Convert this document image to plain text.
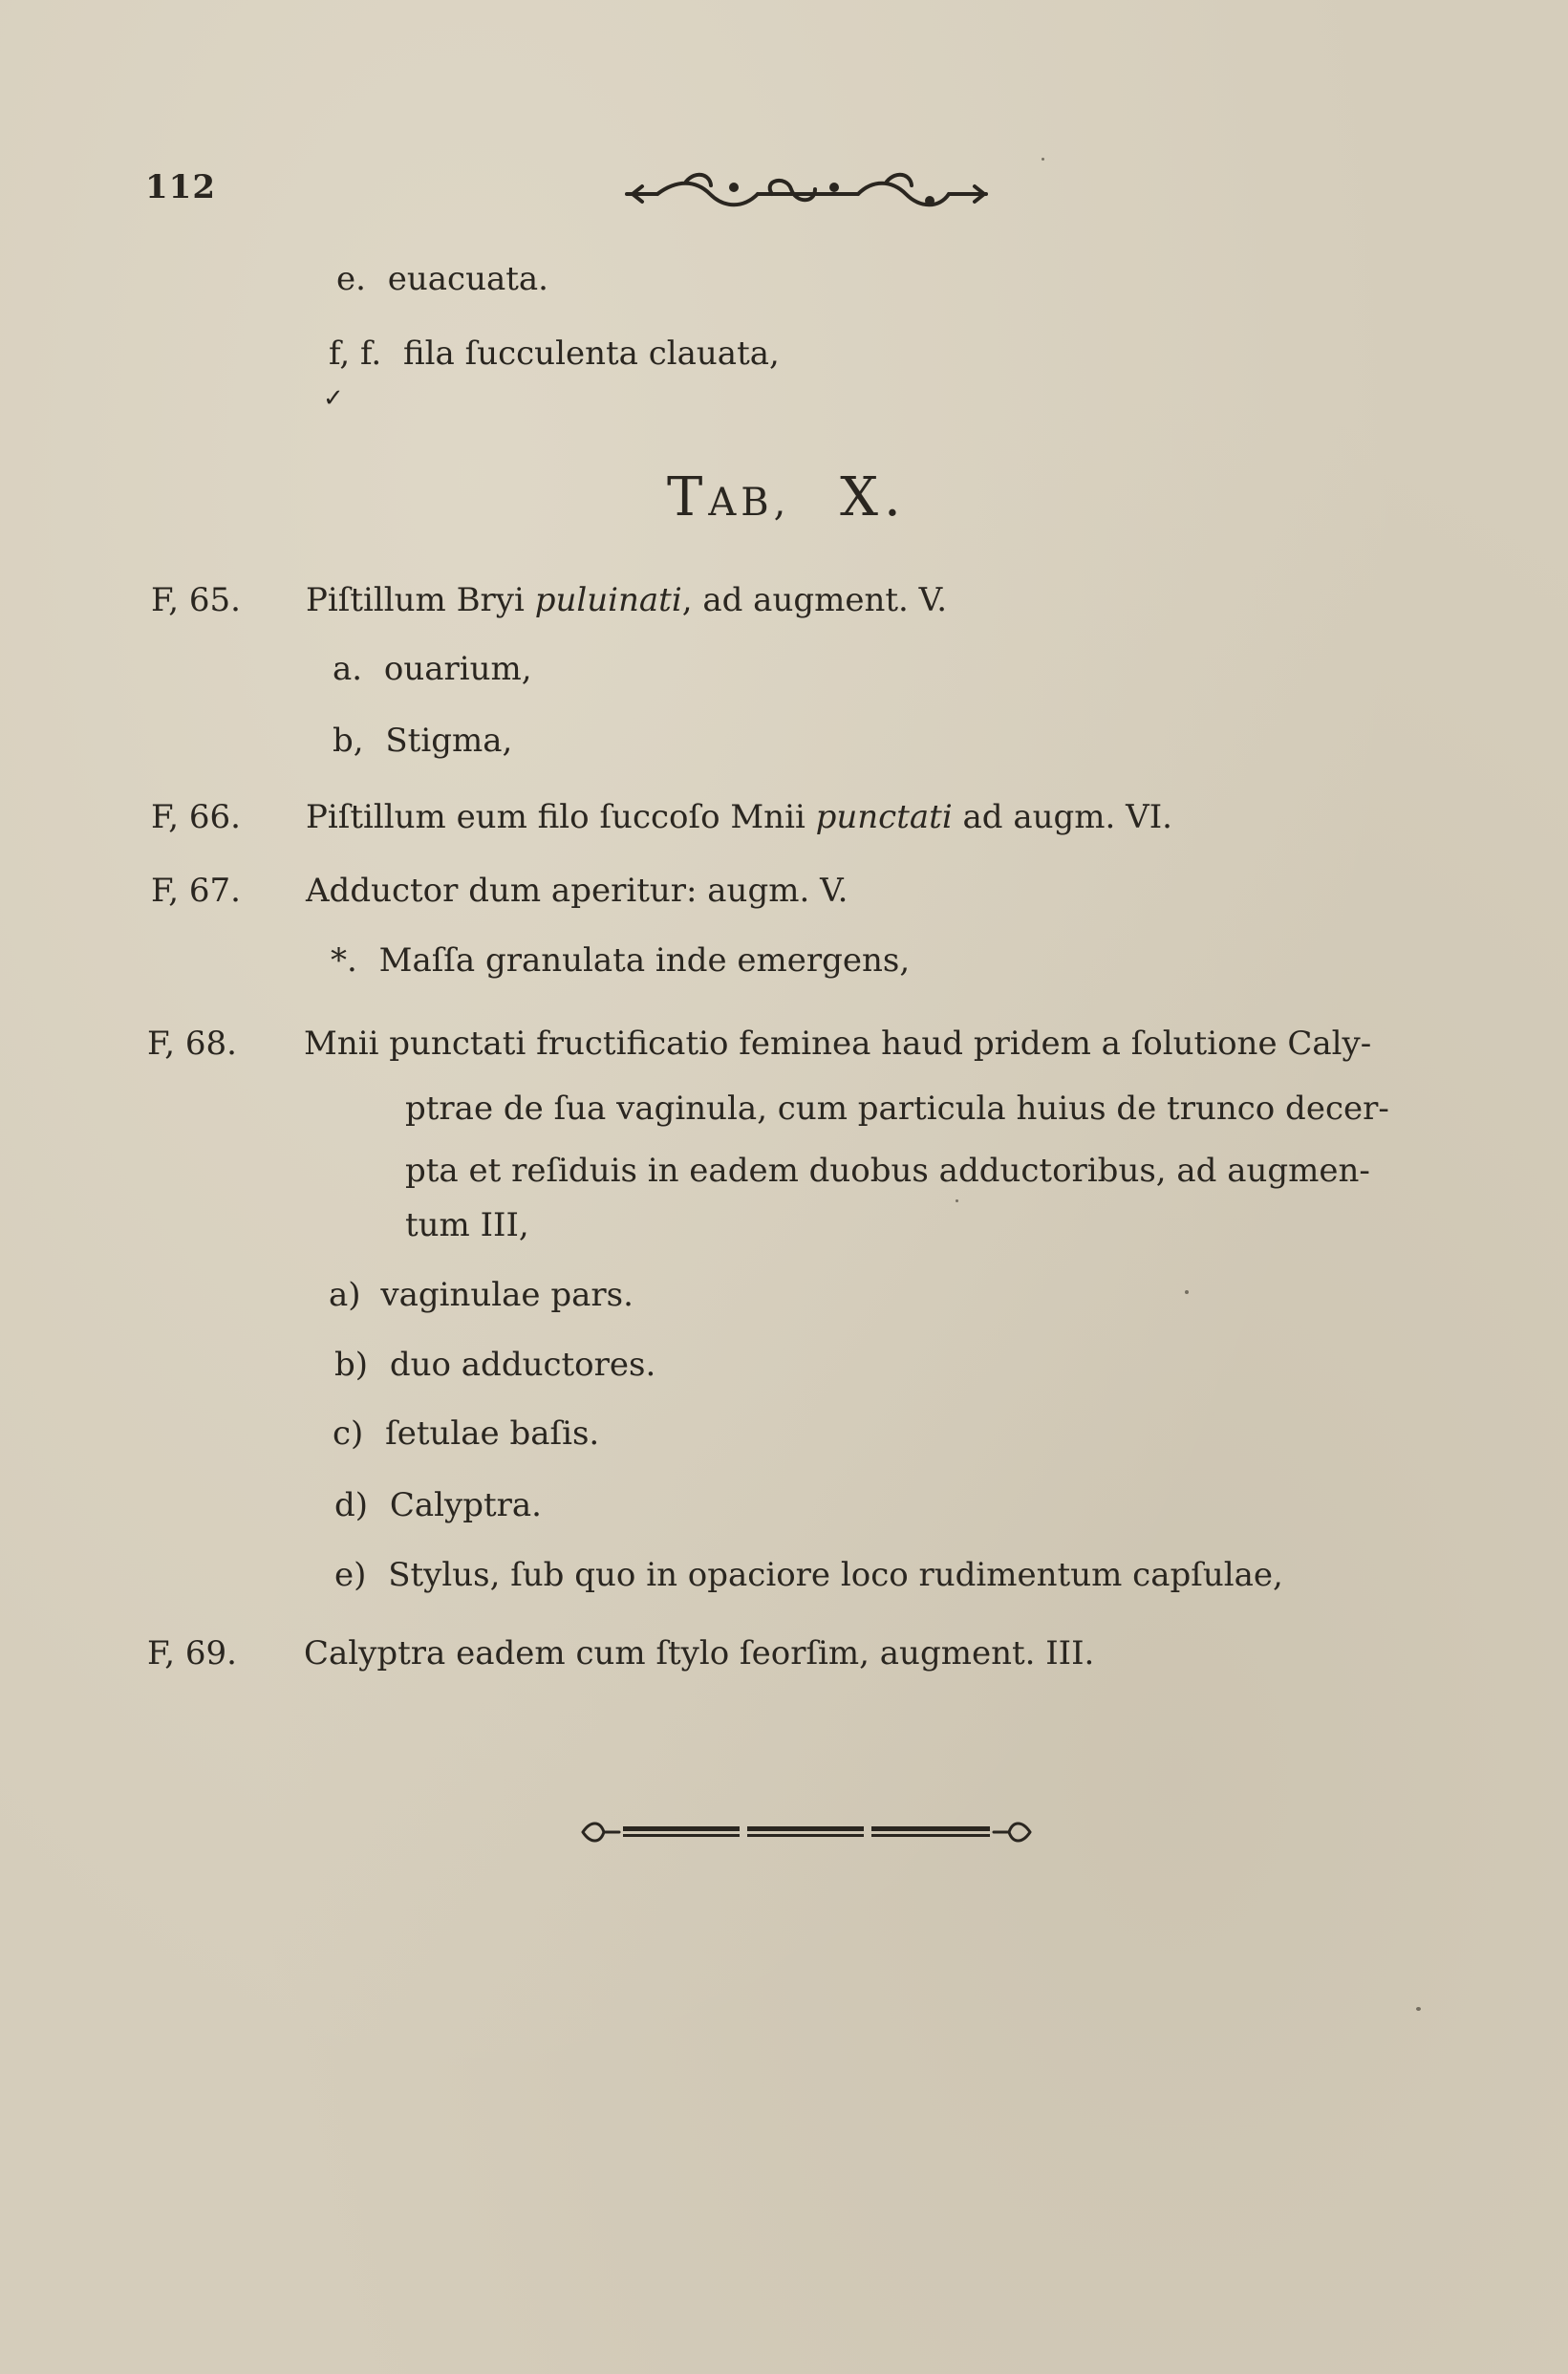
112
e. euacuata.
f, f. fila ſucculenta clauata,
✓
TAB, X.
F, 65. Piſtillum Bryi puluinati, ad augment. V.
a. ouarium,
b, Stigma,
F, 66. Piſtillum eum filo ſuccoſo Mnii punctati ad augm. VI.
F, 67. Adductor dum aperitur: augm. V.
*. Maſſa granulata inde emergens,
F, 68. Mnii punctati fructificatio feminea haud pridem a ſolutione Caly-
ptrae de ſua vaginula, cum particula huius de trunco decer-
pta et reſiduis in eadem duobus adductoribus, ad augmen-
tum III,
a) vaginulae pars.
b) duo adductores.
c) ſetulae baſis.
d) Calyptra.
e) Stylus, ſub quo in opaciore loco rudimentum capſulae,
F, 69. Calyptra eadem cum ſtylo ſeorſim, augment. III.
